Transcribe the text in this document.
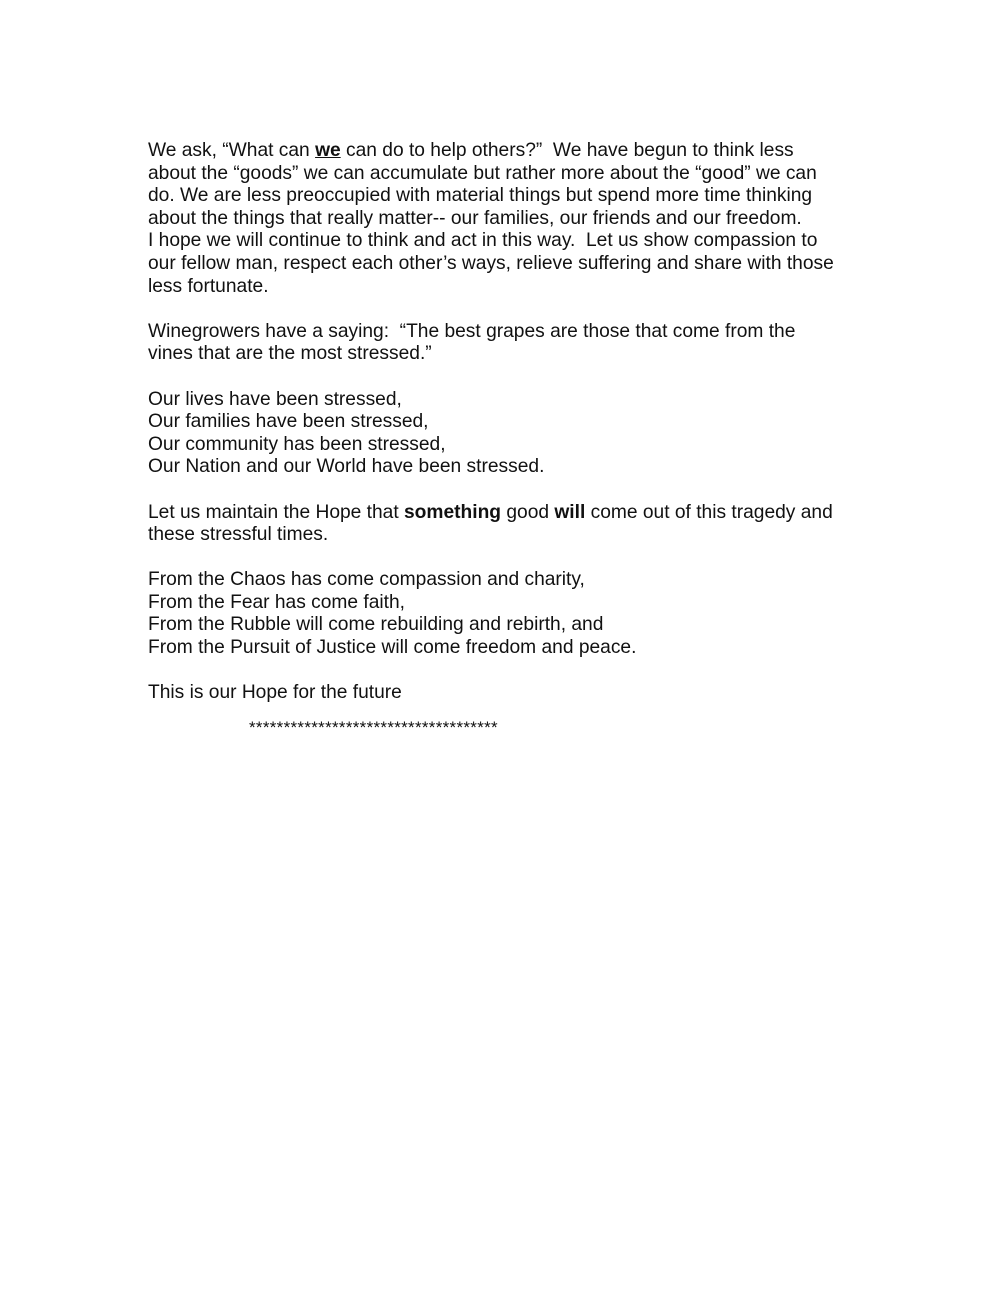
We ask, “What can we can do to help others?”  We have begun to think less
about the “goods” we can accumulate but rather more about the “good” we can
do. We are less preoccupied with material things but spend more time thinking
about the things that really matter-- our families, our friends and our freedom.
I hope we will continue to think and act in this way.  Let us show compassion to
our fellow man, respect each other’s ways, relieve suffering and share with those
less fortunate.
Winegrowers have a saying:  “The best grapes are those that come from the
vines that are the most stressed.”
Our lives have been stressed,
Our families have been stressed,
Our community has been stressed,
Our Nation and our World have been stressed.
Let us maintain the Hope that something good will come out of this tragedy and
these stressful times.
From the Chaos has come compassion and charity,
From the Fear has come faith,
From the Rubble will come rebuilding and rebirth, and
From the Pursuit of Justice will come freedom and peace.
This is our Hope for the future
************************************
